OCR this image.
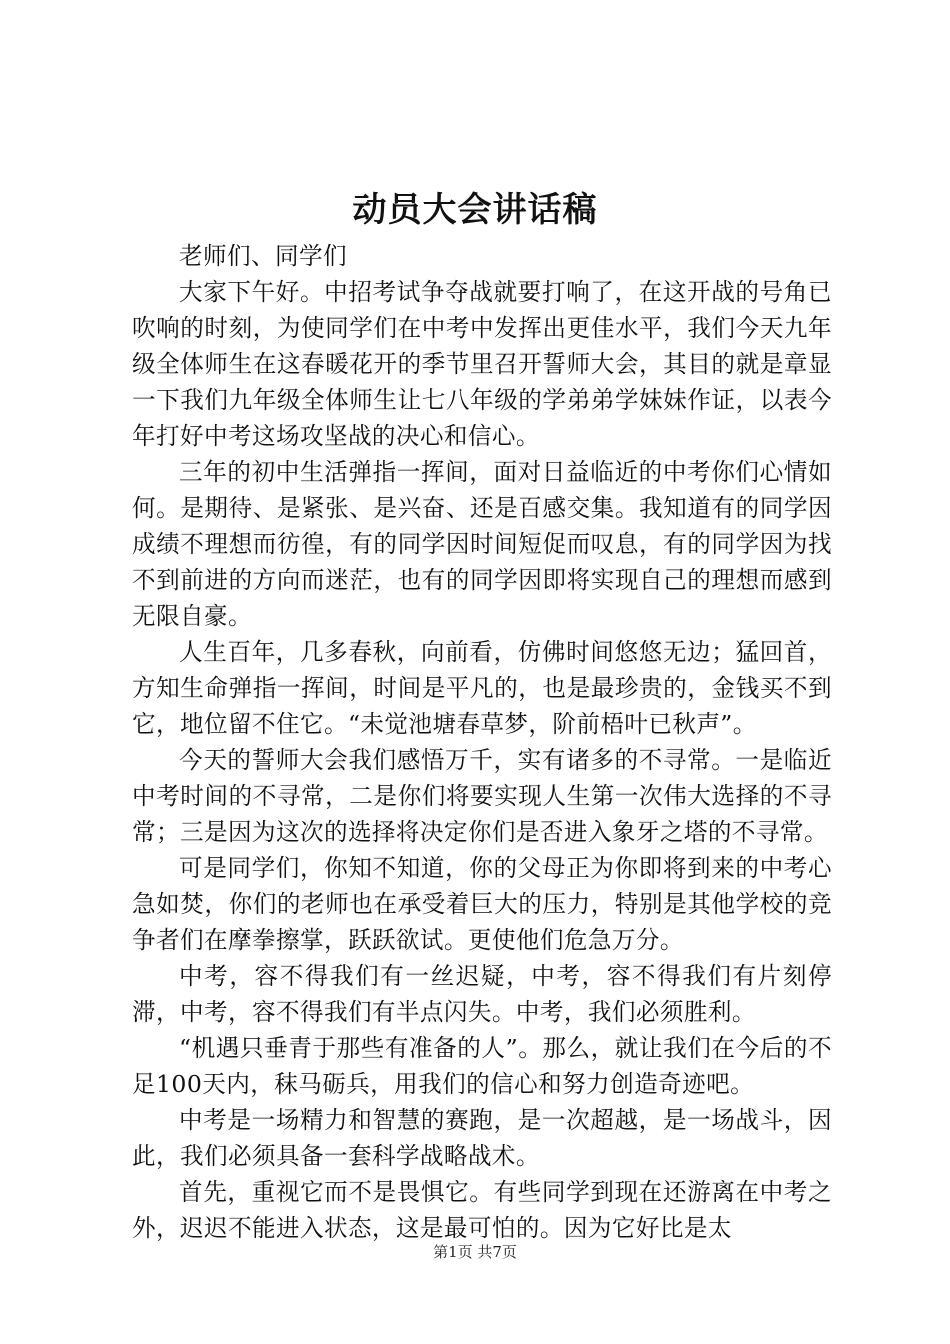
动员大会讲话稿

老师们、同学们

大家下午好。中招考试争夺战就要打响了，在这开战的号角已吹响的时刻，为使同学们在中考中发挥出更佳水平，我们今天九年级全体师生在这春暖花开的季节里召开誓师大会，其目的就是章显一下我们九年级全体师生让七八年级的学弟弟学妹妹作证，以表今年打好中考这场攻坚战的决心和信心。

三年的初中生活弹指一挥间，面对日益临近的中考你们心情如何。是期待、是紧张、是兴奋、还是百感交集。我知道有的同学因成绩不理想而彷徨，有的同学因时间短促而叹息，有的同学因为找不到前进的方向而迷茫，也有的同学因即将实现自己的理想而感到无限自豪。

人生百年，几多春秋，向前看，仿佛时间悠悠无边；猛回首，方知生命弹指一挥间，时间是平凡的，也是最珍贵的，金钱买不到它，地位留不住它。“未觉池塘春草梦，阶前梧叶已秋声”。

今天的誓师大会我们感悟万千，实有诸多的不寻常。一是临近中考时间的不寻常，二是你们将要实现人生第一次伟大选择的不寻常；三是因为这次的选择将决定你们是否进入象牙之塔的不寻常。

可是同学们，你知不知道，你的父母正为你即将到来的中考心急如焚，你们的老师也在承受着巨大的压力，特别是其他学校的竞争者们在摩拳擦掌，跃跃欲试。更使他们危急万分。

中考，容不得我们有一丝迟疑，中考，容不得我们有片刻停滞，中考，容不得我们有半点闪失。中考，我们必须胜利。

“机遇只垂青于那些有准备的人”。那么，就让我们在今后的不足100天内，秣马砺兵，用我们的信心和努力创造奇迹吧。

中考是一场精力和智慧的赛跑，是一次超越，是一场战斗，因此，我们必须具备一套科学战略战术。

首先，重视它而不是畏惧它。有些同学到现在还游离在中考之外，迟迟不能进入状态，这是最可怕的。因为它好比是太

第1页 共7页
